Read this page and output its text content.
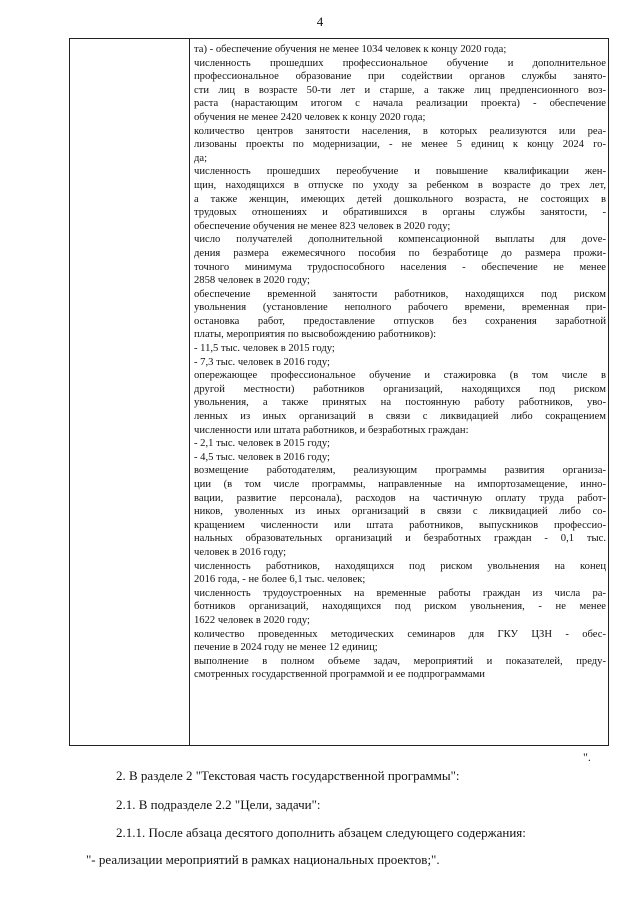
4
та) - обеспечение обучения не менее 1034 человек к концу 2020 года;
численность прошедших профессиональное обучение и дополнительное
профессиональное образование при содействии органов службы занято-
сти лиц в возрасте 50-ти лет и старше, а также лиц предпенсионного воз-
раста (нарастающим итогом с начала реализации проекта) - обеспечение
обучения не менее 2420 человек к концу 2020 года;
количество центров занятости населения, в которых реализуются или реа-
лизованы проекты по модернизации, - не менее 5 единиц к концу 2024 го-
да;
численность прошедших переобучение и повышение квалификации жен-
щин, находящихся в отпуске по уходу за ребенком в возрасте до трех лет,
а также женщин, имеющих детей дошкольного возраста, не состоящих в
трудовых отношениях и обратившихся в органы службы занятости, -
обеспечение обучения не менее 823 человек в 2020 году;
число получателей дополнительной компенсационной выплаты для дove-
дения размера ежемесячного пособия по безработице до размера прожи-
точного минимума трудоспособного населения - обеспечение не менее
2858 человек в 2020 году;
обеспечение временной занятости работников, находящихся под риском
увольнения (установление неполного рабочего времени, временная при-
остановка работ, предоставление отпусков без сохранения заработной
платы, мероприятия по высвобождению работников):
- 11,5 тыс. человек в 2015 году;
- 7,3 тыс. человек в 2016 году;
опережающее профессиональное обучение и стажировка (в том числе в
другой местности) работников организаций, находящихся под риском
увольнения, а также принятых на постоянную работу работников, уво-
ленных из иных организаций в связи с ликвидацией либо сокращением
численности или штата работников, и безработных граждан:
- 2,1 тыс. человек в 2015 году;
- 4,5 тыс. человек в 2016 году;
возмещение работодателям, реализующим программы развития организа-
ции (в том числе программы, направленные на импортозамещение, инно-
вации, развитие персонала), расходов на частичную оплату труда работ-
ников, уволенных из иных организаций в связи с ликвидацией либо со-
кращением численности или штата работников, выпускников профессио-
нальных образовательных организаций и безработных граждан - 0,1 тыс.
человек в 2016 году;
численность работников, находящихся под риском увольнения на конец
2016 года, - не более 6,1 тыс. человек;
численность трудоустроенных на временные работы граждан из числа ра-
ботников организаций, находящихся под риском увольнения, - не менее
1622 человек в 2020 году;
количество проведенных методических семинаров для ГКУ ЦЗН - обес-
печение в 2024 году не менее 12 единиц;
выполнение в полном объеме задач, мероприятий и показателей, преду-
смотренных государственной программой и ее подпрограммами
".
2. В разделе 2 "Текстовая часть государственной программы":
2.1. В подразделе 2.2 "Цели, задачи":
2.1.1. После абзаца десятого дополнить абзацем следующего содержания:
"- реализации мероприятий в рамках национальных проектов;".
